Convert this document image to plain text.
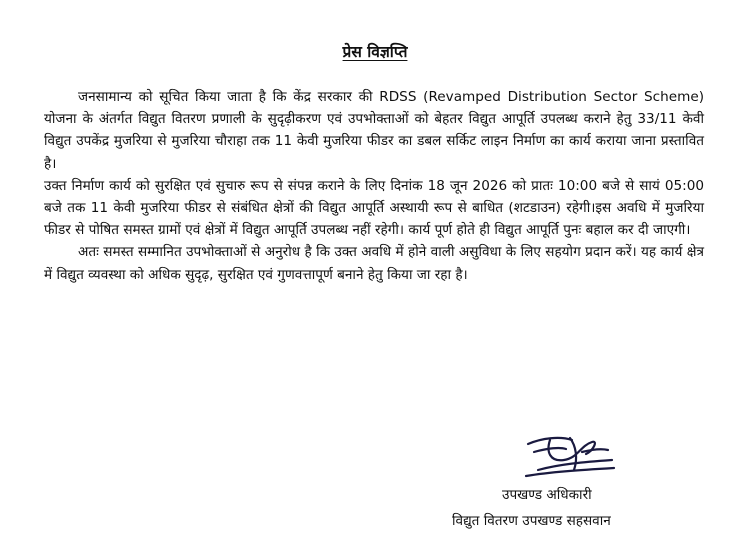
प्रेस विज्ञप्ति

जनसामान्य को सूचित किया जाता है कि केंद्र सरकार की RDSS (Revamped Distribution Sector Scheme) योजना के अंतर्गत विद्युत वितरण प्रणाली के सुदृढ़ीकरण एवं उपभोक्ताओं को बेहतर विद्युत आपूर्ति उपलब्ध कराने हेतु 33/11 केवी विद्युत उपकेंद्र मुजरिया से मुजरिया चौराहा तक 11 केवी मुजरिया फीडर का डबल सर्किट लाइन निर्माण का कार्य कराया जाना प्रस्तावित है।

उक्त निर्माण कार्य को सुरक्षित एवं सुचारु रूप से संपन्न कराने के लिए दिनांक 18 जून 2026 को प्रातः 10:00 बजे से सायं 05:00 बजे तक 11 केवी मुजरिया फीडर से संबंधित क्षेत्रों की विद्युत आपूर्ति अस्थायी रूप से बाधित (शटडाउन) रहेगी।इस अवधि में मुजरिया फीडर से पोषित समस्त ग्रामों एवं क्षेत्रों में विद्युत आपूर्ति उपलब्ध नहीं रहेगी। कार्य पूर्ण होते ही विद्युत आपूर्ति पुनः बहाल कर दी जाएगी।

अतः समस्त सम्मानित उपभोक्ताओं से अनुरोध है कि उक्त अवधि में होने वाली असुविधा के लिए सहयोग प्रदान करें। यह कार्य क्षेत्र में विद्युत व्यवस्था को अधिक सुदृढ़, सुरक्षित एवं गुणवत्तापूर्ण बनाने हेतु किया जा रहा है।

उपखण्ड अधिकारी
विद्युत वितरण उपखण्ड सहसवान
